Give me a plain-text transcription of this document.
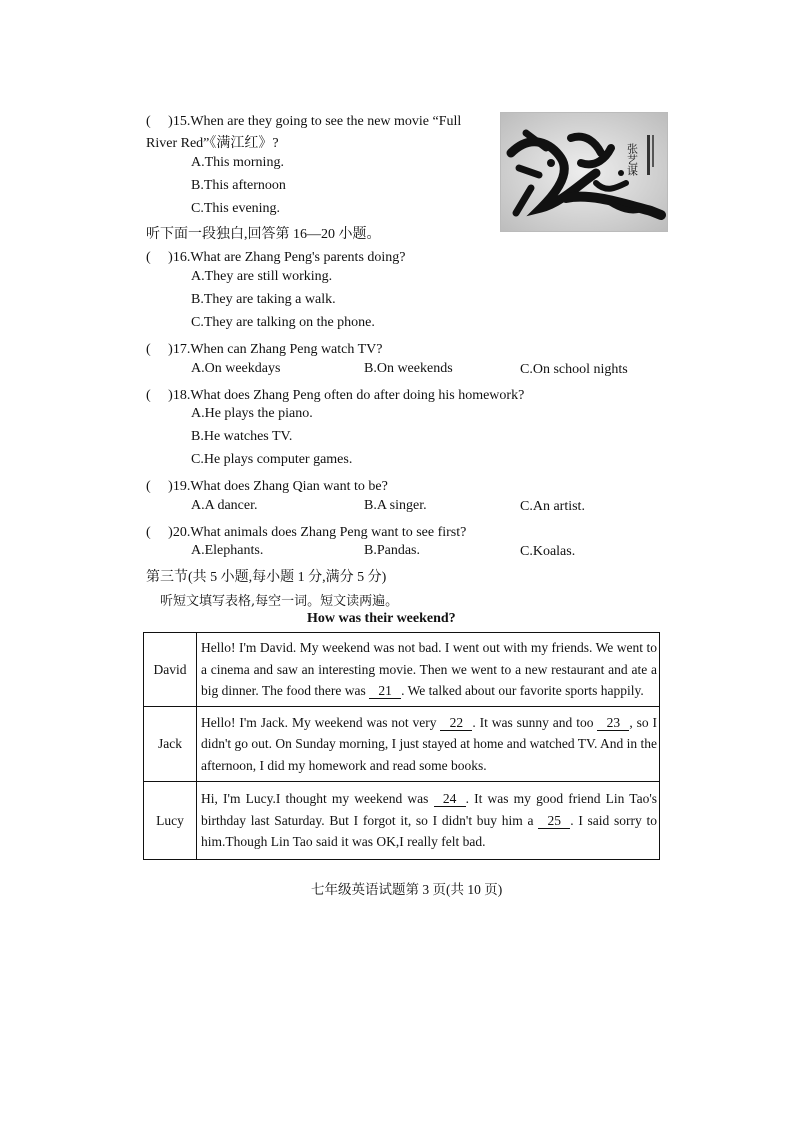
(　 )15.When are they going to see the new movie “Full
River Red”《满江红》?
A.This morning.
B.This afternoon
C.This evening.
张艺谋
听下面一段独白,回答第 16—20 小题。
(　 )16.What are Zhang Peng's parents doing?
A.They are still working.
B.They are taking a walk.
C.They are talking on the phone.
(　 )17.When can Zhang Peng watch TV?
A.On weekdays	B.On weekends	C.On school nights
(　 )18.What does Zhang Peng often do after doing his homework?
A.He plays the piano.
B.He watches TV.
C.He plays computer games.
(　 )19.What does Zhang Qian want to be?
A.A dancer.	B.A singer.	C.An artist.
(　 )20.What animals does Zhang Peng want to see first?
A.Elephants.	B.Pandas.	C.Koalas.
第三节(共 5 小题,每小题 1 分,满分 5 分)
听短文填写表格,每空一词。短文读两遍。
How was their weekend?
David	Hello! I'm David. My weekend was not bad. I went out with my friends. We went to a cinema and saw an interesting movie. Then we went to a new restaurant and ate a big dinner. The food there was 21 . We talked about our favorite sports happily.
Jack	Hello! I'm Jack. My weekend was not very 22 . It was sunny and too 23 , so I didn't go out. On Sunday morning, I just stayed at home and watched TV. And in the afternoon, I did my homework and read some books.
Lucy	Hi, I'm Lucy.I thought my weekend was 24 . It was my good friend Lin Tao's birthday last Saturday. But I forgot it, so I didn't buy him a 25 . I said sorry to him.Though Lin Tao said it was OK,I really felt bad.
七年级英语试题第 3 页(共 10 页)
